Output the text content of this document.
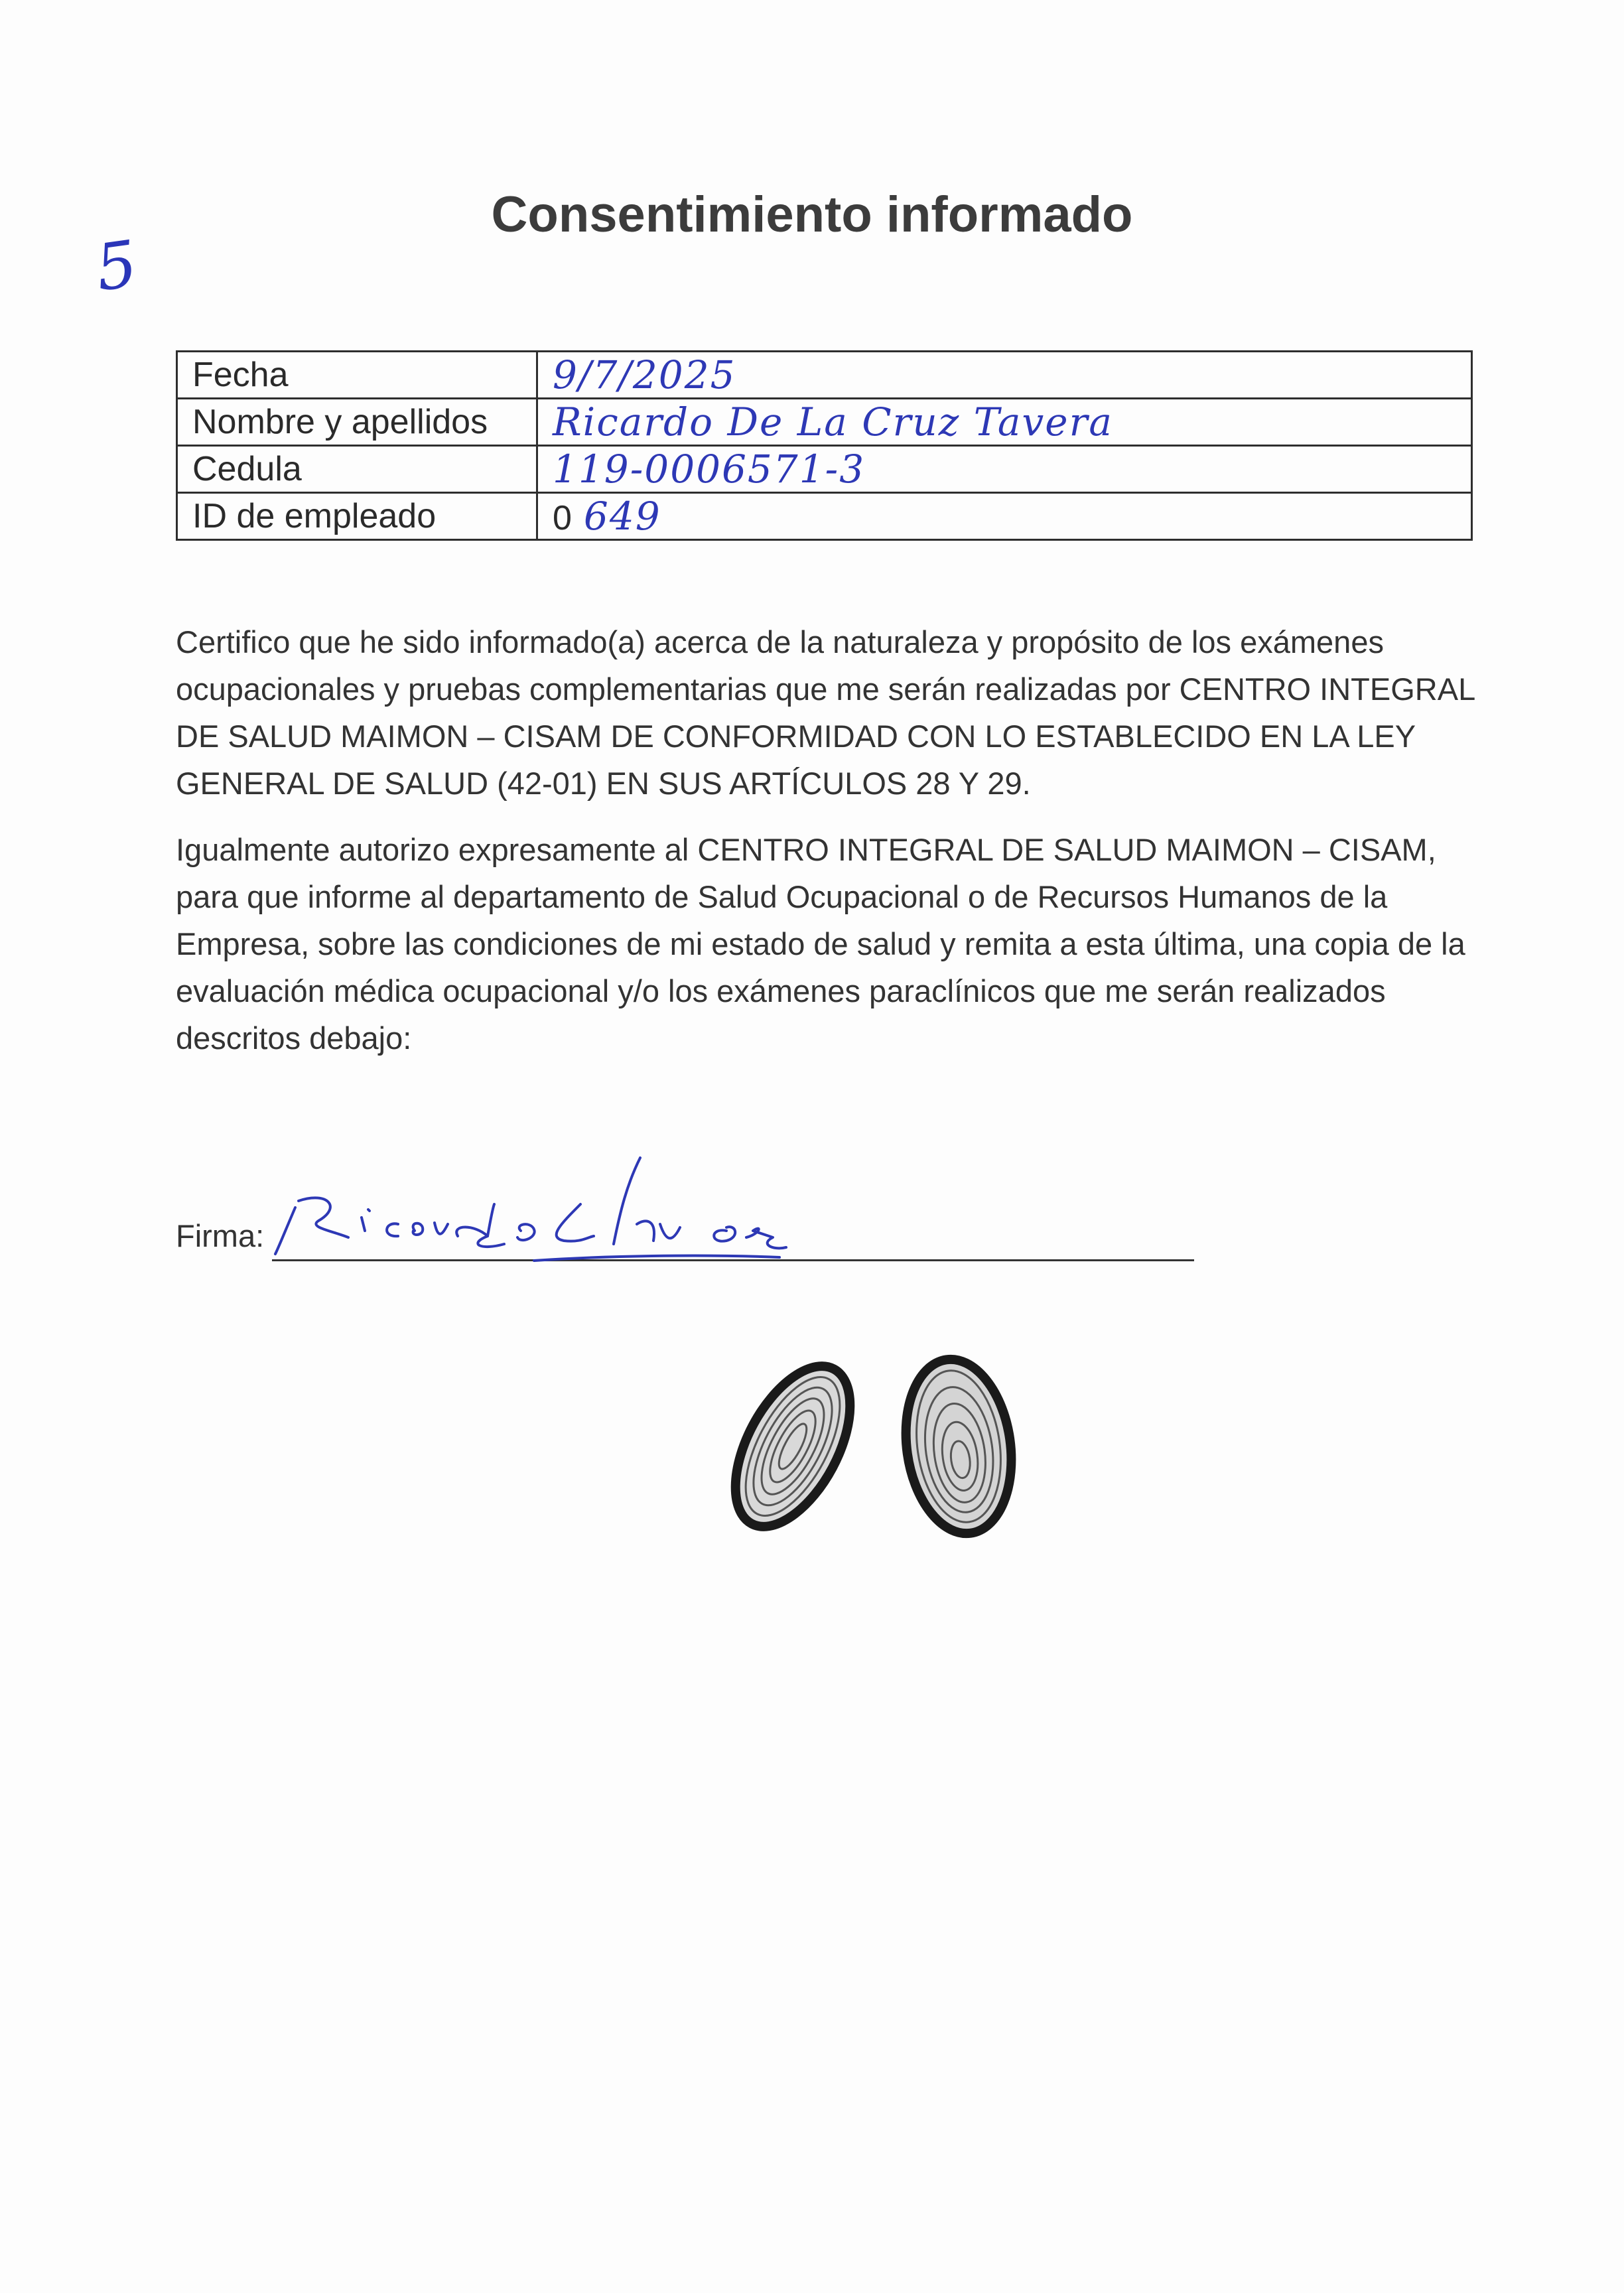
5
Consentimiento informado
Fecha	9/7/2025
Nombre y apellidos	Ricardo De La Cruz Tavera
Cedula	119-0006571-3
ID de empleado	0 649

Certifico que he sido informado(a) acerca de la naturaleza y propósito de los exámenes ocupacionales y pruebas complementarias que me serán realizadas por CENTRO INTEGRAL DE SALUD MAIMON – CISAM DE CONFORMIDAD CON LO ESTABLECIDO EN LA LEY GENERAL DE SALUD (42-01) EN SUS ARTÍCULOS 28 Y 29.

Igualmente autorizo expresamente al CENTRO INTEGRAL DE SALUD MAIMON – CISAM, para que informe al departamento de Salud Ocupacional o de Recursos Humanos de la Empresa, sobre las condiciones de mi estado de salud y remita a esta última, una copia de la evaluación médica ocupacional y/o los exámenes paraclínicos que me serán realizados descritos debajo:

Firma:
